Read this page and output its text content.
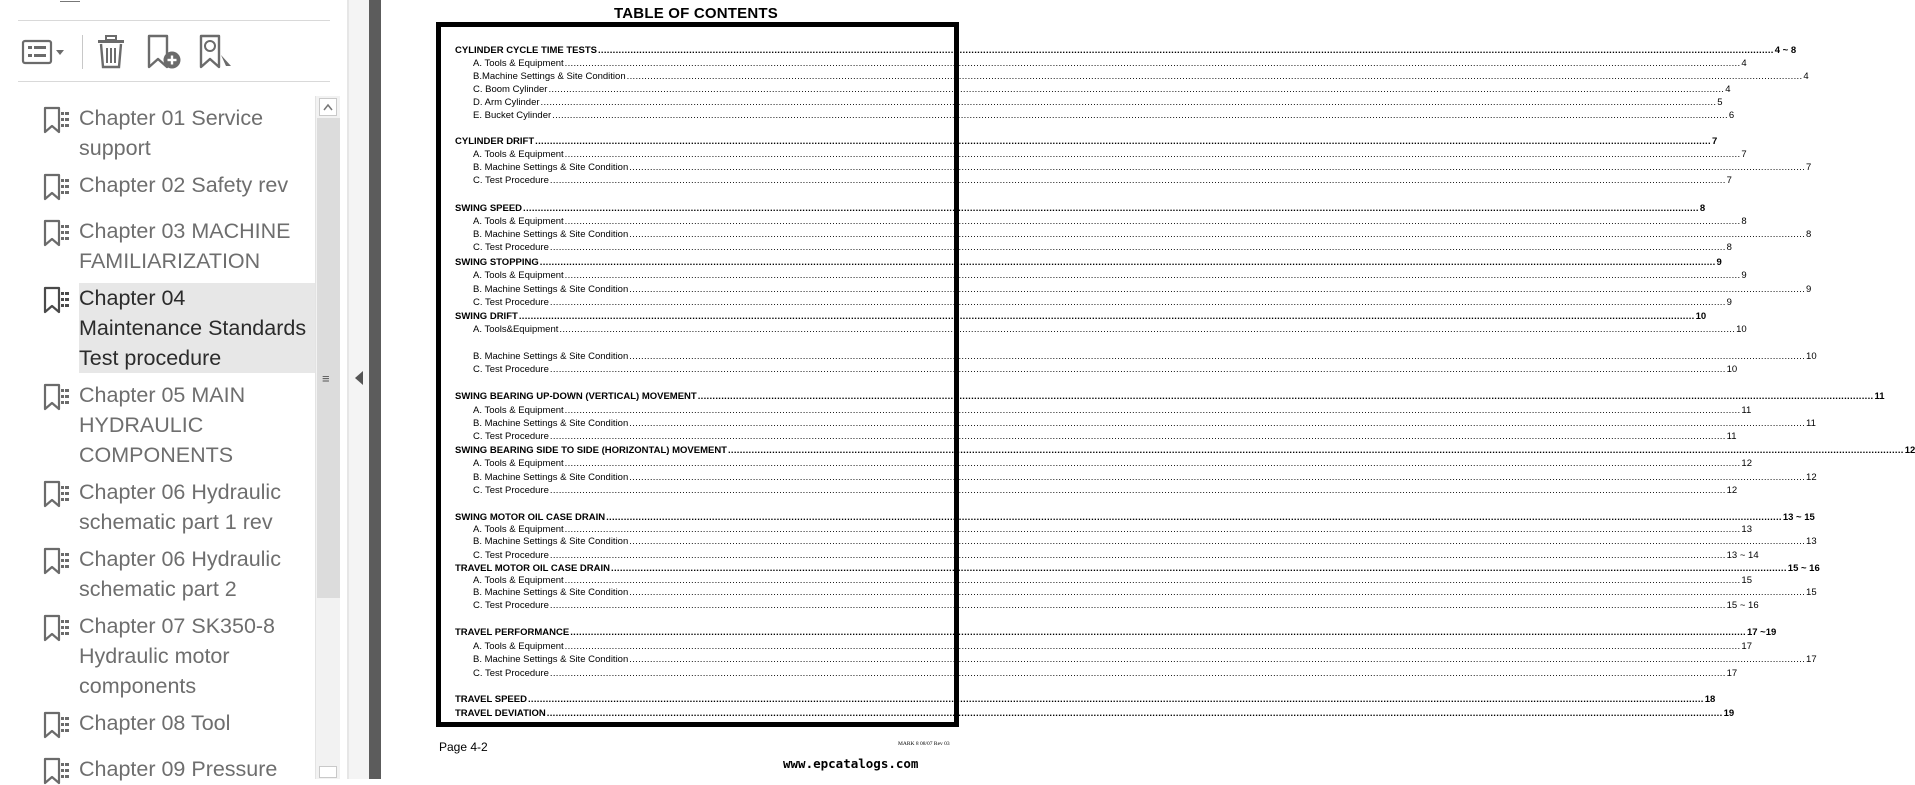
Chapter 01 Service support
Chapter 02 Safety rev
Chapter 03 MACHINE FAMILIARIZATION
Chapter 04 Maintenance Standards Test procedure
Chapter 05 MAIN HYDRAULIC COMPONENTS
Chapter 06 Hydraulic schematic part 1 rev
Chapter 06 Hydraulic schematic part 2
Chapter 07 SK350-8 Hydraulic motor components
Chapter 08 Tool
Chapter 09 Pressure
≡
TABLE OF CONTENTS
CYLINDER CYCLE TIME TESTS ................................................................................................................................................................................................................................................................................................................................................................................................................ 4 ~ 8
A. Tools & Equipment ................................................................................................................................................................................................................................................................................................................................................................................................................ 4
B.Machine Settings & Site Condition ................................................................................................................................................................................................................................................................................................................................................................................................................ 4
C. Boom Cylinder ................................................................................................................................................................................................................................................................................................................................................................................................................ 4
D. Arm Cylinder ................................................................................................................................................................................................................................................................................................................................................................................................................ 5
E. Bucket Cylinder ................................................................................................................................................................................................................................................................................................................................................................................................................ 6
CYLINDER DRIFT ................................................................................................................................................................................................................................................................................................................................................................................................................ 7
A. Tools & Equipment ................................................................................................................................................................................................................................................................................................................................................................................................................ 7
B. Machine Settings & Site Condition ................................................................................................................................................................................................................................................................................................................................................................................................................ 7
C. Test Procedure ................................................................................................................................................................................................................................................................................................................................................................................................................ 7
SWING SPEED ................................................................................................................................................................................................................................................................................................................................................................................................................ 8
A. Tools & Equipment ................................................................................................................................................................................................................................................................................................................................................................................................................ 8
B. Machine Settings & Site Condition ................................................................................................................................................................................................................................................................................................................................................................................................................ 8
C. Test Procedure ................................................................................................................................................................................................................................................................................................................................................................................................................ 8
SWING STOPPING ................................................................................................................................................................................................................................................................................................................................................................................................................ 9
A. Tools & Equipment ................................................................................................................................................................................................................................................................................................................................................................................................................ 9
B. Machine Settings & Site Condition ................................................................................................................................................................................................................................................................................................................................................................................................................ 9
C. Test Procedure ................................................................................................................................................................................................................................................................................................................................................................................................................ 9
SWING DRIFT ................................................................................................................................................................................................................................................................................................................................................................................................................ 10
A. Tools&Equipment ................................................................................................................................................................................................................................................................................................................................................................................................................ 10
B. Machine Settings & Site Condition ................................................................................................................................................................................................................................................................................................................................................................................................................ 10
C. Test Procedure ................................................................................................................................................................................................................................................................................................................................................................................................................ 10
SWING BEARING UP-DOWN (VERTICAL) MOVEMENT ................................................................................................................................................................................................................................................................................................................................................................................................................ 11
A. Tools & Equipment ................................................................................................................................................................................................................................................................................................................................................................................................................ 11
B. Machine Settings & Site Condition ................................................................................................................................................................................................................................................................................................................................................................................................................ 11
C. Test Procedure ................................................................................................................................................................................................................................................................................................................................................................................................................ 11
SWING BEARING SIDE TO SIDE (HORIZONTAL) MOVEMENT ................................................................................................................................................................................................................................................................................................................................................................................................................ 12
A. Tools & Equipment ................................................................................................................................................................................................................................................................................................................................................................................................................ 12
B. Machine Settings & Site Condition ................................................................................................................................................................................................................................................................................................................................................................................................................ 12
C. Test Procedure ................................................................................................................................................................................................................................................................................................................................................................................................................ 12
SWING MOTOR OIL CASE DRAIN ................................................................................................................................................................................................................................................................................................................................................................................................................ 13 ~ 15
A. Tools & Equipment ................................................................................................................................................................................................................................................................................................................................................................................................................ 13
B. Machine Settings & Site Condition ................................................................................................................................................................................................................................................................................................................................................................................................................ 13
C. Test Procedure ................................................................................................................................................................................................................................................................................................................................................................................................................ 13 ~ 14
TRAVEL MOTOR OIL CASE DRAIN ................................................................................................................................................................................................................................................................................................................................................................................................................ 15 ~ 16
A. Tools & Equipment ................................................................................................................................................................................................................................................................................................................................................................................................................ 15
B. Machine Settings & Site Condition ................................................................................................................................................................................................................................................................................................................................................................................................................ 15
C. Test Procedure ................................................................................................................................................................................................................................................................................................................................................................................................................ 15 ~ 16
TRAVEL PERFORMANCE ................................................................................................................................................................................................................................................................................................................................................................................................................ 17 ~19
A. Tools & Equipment ................................................................................................................................................................................................................................................................................................................................................................................................................ 17
B. Machine Settings & Site Condition ................................................................................................................................................................................................................................................................................................................................................................................................................ 17
C. Test Procedure ................................................................................................................................................................................................................................................................................................................................................................................................................ 17
TRAVEL SPEED ................................................................................................................................................................................................................................................................................................................................................................................................................ 18
TRAVEL DEVIATION ................................................................................................................................................................................................................................................................................................................................................................................................................ 19
Page 4-2	MARK 8 08/07 Rev 03
www.epcatalogs.com
